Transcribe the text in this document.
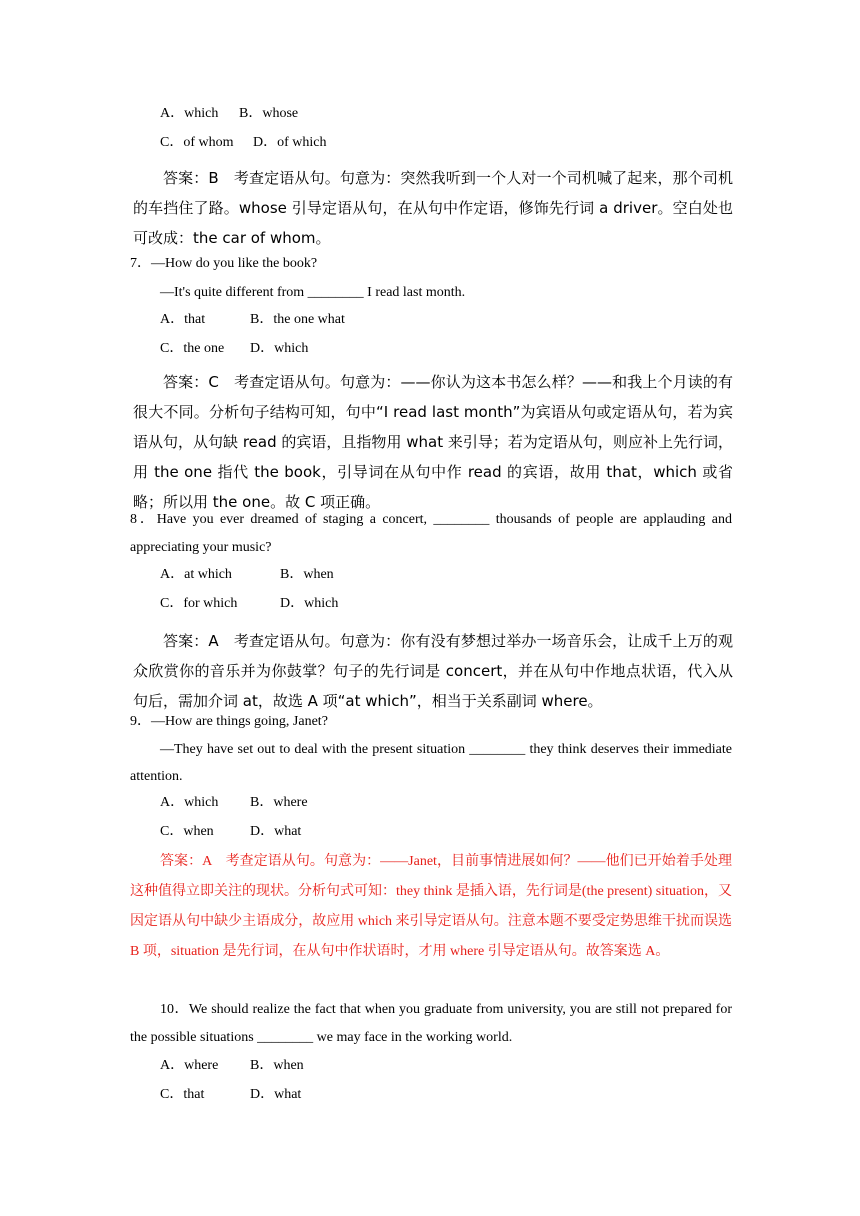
A．which B．whose
C．of whom D．of which
答案：B　考查定语从句。句意为：突然我听到一个人对一个司机喊了起来，那个司机的车挡住了路。whose 引导定语从句，在从句中作定语，修饰先行词 a driver。空白处也可改成：the car of whom。
7．—How do you like the book?
—It's quite different from ________ I read last month.
A．that	B．the one what
C．the one D．which
答案：C　考查定语从句。句意为：——你认为这本书怎么样？——和我上个月读的有很大不同。分析句子结构可知，句中“I read last month”为宾语从句或定语从句，若为宾语从句，从句缺 read 的宾语，且指物用 what 来引导；若为定语从句，则应补上先行词，用 the one 指代 the book，引导词在从句中作 read 的宾语，故用 that，which 或省略；所以用 the one。故 C 项正确。
8．Have you ever dreamed of staging a concert, ________ thousands of people are applauding and appreciating your music?
A．at which	B．when
C．for which	D．which
答案：A　考查定语从句。句意为：你有没有梦想过举办一场音乐会，让成千上万的观众欣赏你的音乐并为你鼓掌？句子的先行词是 concert，并在从句中作地点状语，代入从句后，需加介词 at，故选 A 项“at which”，相当于关系副词 where。
9．—How are things going, Janet?
—They have set out to deal with the present situation ________ they think deserves their immediate attention.
A．which B．where
C．when	D．what
答案：A　考查定语从句。句意为：——Janet，目前事情进展如何？——他们已开始着手处理这种值得立即关注的现状。分析句式可知：they think 是插入语，先行词是(the present) situation，又因定语从句中缺少主语成分，故应用 which 来引导定语从句。注意本题不要受定势思维干扰而误选 B 项，situation 是先行词，在从句中作状语时，才用 where 引导定语从句。故答案选 A。
10．We should realize the fact that when you graduate from university, you are still not prepared for the possible situations ________ we may face in the working world.
A．where B．when
C．that	D．what
